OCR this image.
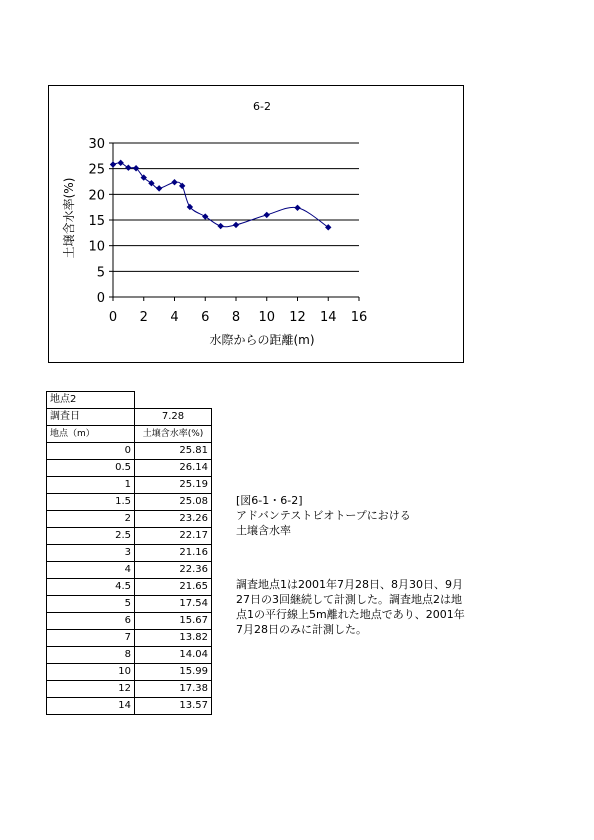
6-2
0
5
10
15
20
25
30
0 2 4 6 8 10 12 14 16
水際からの距離(m)
土壌含水率(%)
地点2	
調査日	7.28
地点（m）	土壌含水率(%)
0	25.81
0.5	26.14
1	25.19
1.5	25.08
2	23.26
2.5	22.17
3	21.16
4	22.36
4.5	21.65
5	17.54
6	15.67
7	13.82
8	14.04
10	15.99
12	17.38
14	13.57
[図6-1・6-2]
アドバンテストビオトープにおける
土壌含水率
調査地点1は2001年7月28日、8月30日、9月
27日の3回継続して計測した。調査地点2は地
点1の平行線上5m離れた地点であり、2001年
7月28日のみに計測した。
